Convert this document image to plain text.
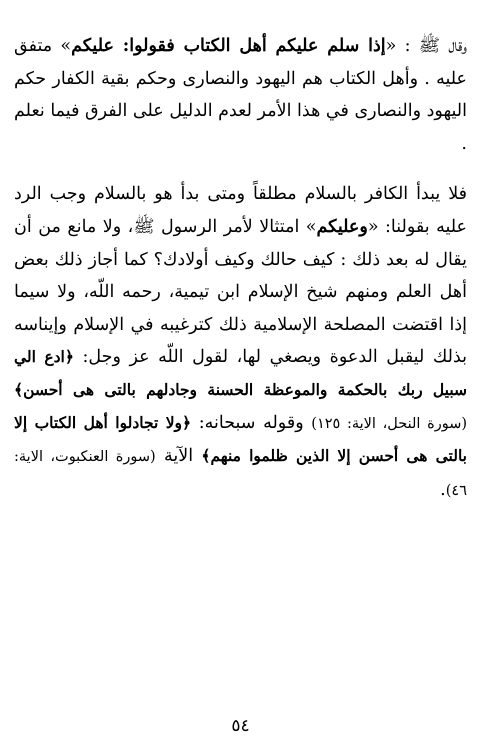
وقال ﷺ : «إذا سلم عليكم أهل الكتاب فقولوا: عليكم» متفق عليه . وأهل الكتاب هم اليهود والنصارى وحكم بقية الكفار حكم اليهود والنصارى في هذا الأمر لعدم الدليل على الفرق فيما نعلم .

فلا يبدأ الكافر بالسلام مطلقاً ومتى بدأ هو بالسلام وجب الرد عليه بقولنا: «وعليكم» امتثالا لأمر الرسول ﷺ، ولا مانع من أن يقال له بعد ذلك : كيف حالك وكيف أولادك؟ كما أجاز ذلك بعض أهل العلم ومنهم شيخ الإسلام ابن تيمية، رحمه اللّه، ولا سيما إذا اقتضت المصلحة الإسلامية ذلك كترغيبه في الإسلام وإيناسه بذلك ليقبل الدعوة ويصغي لها، لقول اللّه عز وجل: ﴿ادع الي سبيل ربك بالحكمة والموعظة الحسنة وجادلهم بالتى هى أحسن﴾(سورة النحل، الاية: ١٢٥) وقوله سبحانه: ﴿ولا تجادلوا أهل الكتاب إلا بالتى هى أحسن إلا الذين ظلموا منهم﴾ الآية (سورة العنكبوت، الاية: ٤٦).

٥٤
